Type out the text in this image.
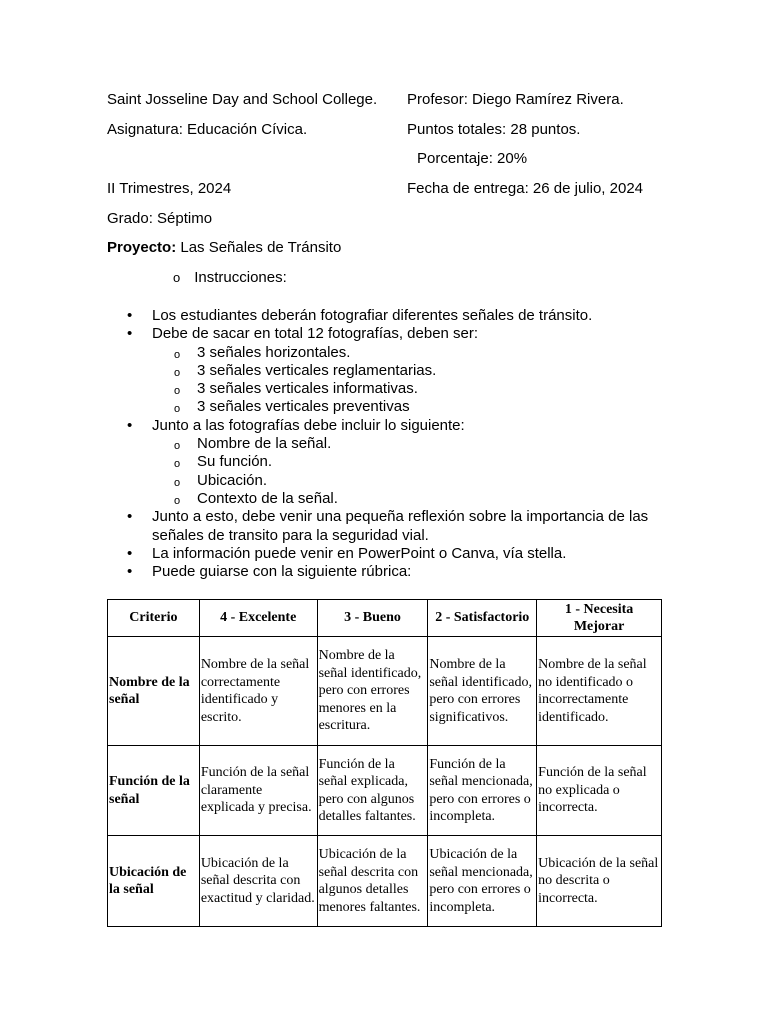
Saint Josseline Day and School College. Profesor: Diego Ramírez Rivera.
Asignatura: Educación Cívica.	Puntos totales: 28 puntos.
Porcentaje: 20%
II Trimestres, 2024	Fecha de entrega: 26 de julio, 2024
Grado: Séptimo
Proyecto: Las Señales de Tránsito
o Instrucciones:
• Los estudiantes deberán fotografiar diferentes señales de tránsito.
• Debe de sacar en total 12 fotografías, deben ser:
o 3 señales horizontales.
o 3 señales verticales reglamentarias.
o 3 señales verticales informativas.
o 3 señales verticales preventivas
• Junto a las fotografías debe incluir lo siguiente:
o Nombre de la señal.
o Su función.
o Ubicación.
o Contexto de la señal.
• Junto a esto, debe venir una pequeña reflexión sobre la importancia de las señales de transito para la seguridad vial.
• La información puede venir en PowerPoint o Canva, vía stella.
• Puede guiarse con la siguiente rúbrica:
Criterio	4 - Excelente	3 - Bueno	2 - Satisfactorio	1 - Necesita Mejorar
Nombre de la señal	Nombre de la señal correctamente identificado y escrito.	Nombre de la señal identificado, pero con errores menores en la escritura.	Nombre de la señal identificado, pero con errores significativos.	Nombre de la señal no identificado o incorrectamente identificado.
Función de la señal	Función de la señal claramente explicada y precisa.	Función de la señal explicada, pero con algunos detalles faltantes.	Función de la señal mencionada, pero con errores o incompleta.	Función de la señal no explicada o incorrecta.
Ubicación de la señal	Ubicación de la señal descrita con exactitud y claridad.	Ubicación de la señal descrita con algunos detalles menores faltantes.	Ubicación de la señal mencionada, pero con errores o incompleta.	Ubicación de la señal no descrita o incorrecta.
